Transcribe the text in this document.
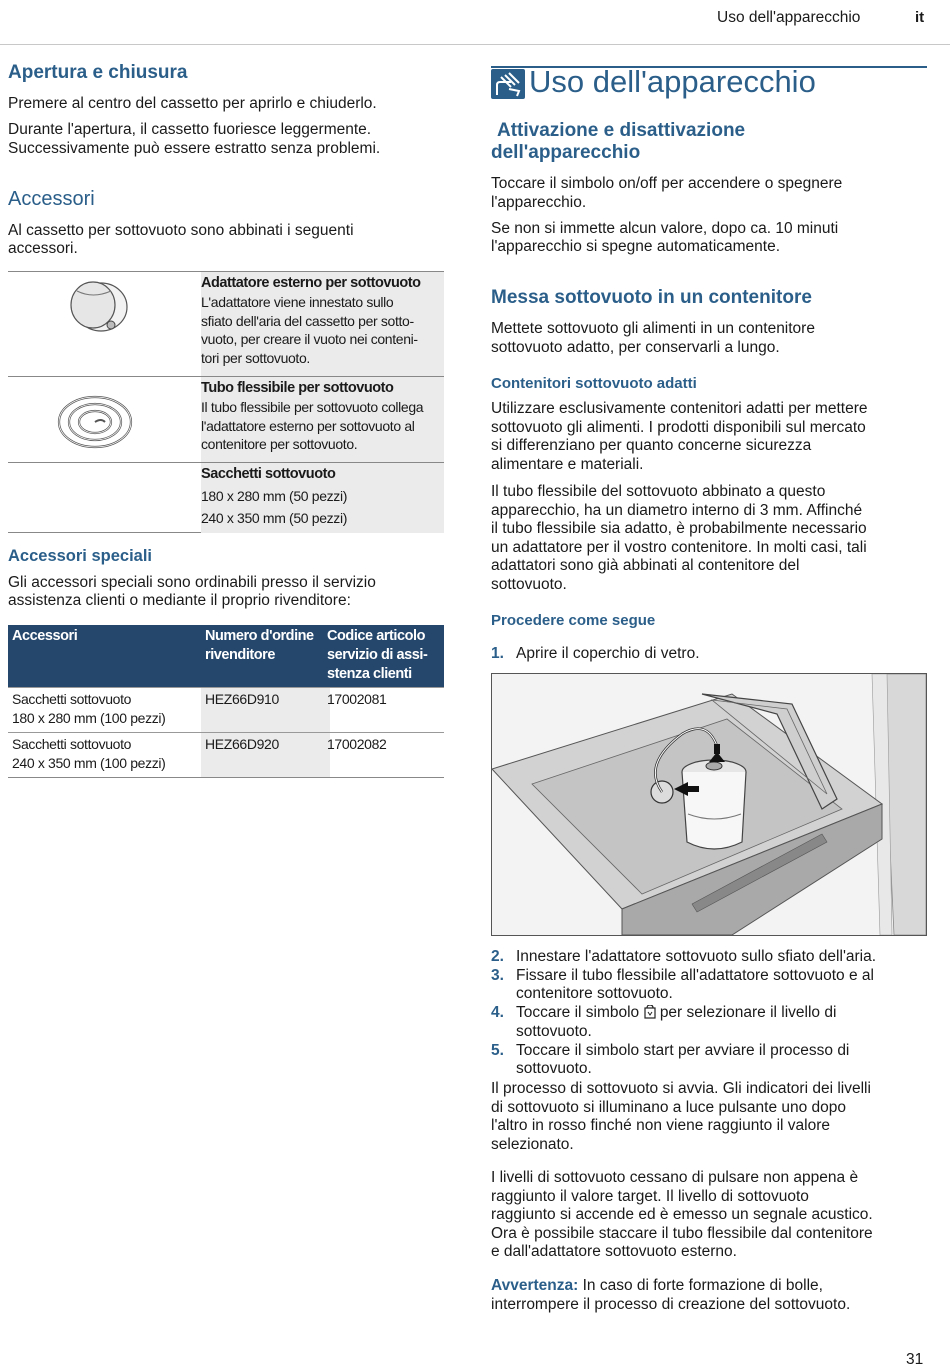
Uso dell'apparecchio	it
Apertura e chiusura

Premere al centro del cassetto per aprirlo e chiuderlo.

Durante l'apertura, il cassetto fuoriesce leggermente.

Successivamente può essere estratto senza problemi.

Accessori

Al cassetto per sottovuoto sono abbinati i seguenti

accessori.

Adattatore esterno per sottovuoto
L'adattatore viene innestato sullo
sfiato dell'aria del cassetto per sotto-
vuoto, per creare il vuoto nei conteni-
tori per sottovuoto.
Tubo flessibile per sottovuoto
Il tubo flessibile per sottovuoto collega
l'adattatore esterno per sottovuoto al
contenitore per sottovuoto.
Sacchetti sottovuoto
180 x 280 mm (50 pezzi)
240 x 350 mm (50 pezzi)
Accessori speciali

Gli accessori speciali sono ordinabili presso il servizio

assistenza clienti o mediante il proprio rivenditore:

Accessori	Numero d'ordine
rivenditore
Codice articolo
servizio di assi-
stenza clienti
Sacchetti sottovuoto
180 x 280 mm (100 pezzi)
HEZ66D910	17002081
Sacchetti sottovuoto
240 x 350 mm (100 pezzi)
HEZ66D920	17002082
Uso dell'apparecchio
Attivazione e disattivazione
dell'apparecchio

Toccare il simbolo on/off per accendere o spegnere

l'apparecchio.

Se non si immette alcun valore, dopo ca. 10 minuti

l'apparecchio si spegne automaticamente.

Messa sottovuoto in un contenitore

Mettete sottovuoto gli alimenti in un contenitore

sottovuoto adatto, per conservarli a lungo.

Contenitori sottovuoto adatti

Utilizzare esclusivamente contenitori adatti per mettere

sottovuoto gli alimenti. I prodotti disponibili sul mercato

si differenziano per quanto concerne sicurezza

alimentare e materiali.

Il tubo flessibile del sottovuoto abbinato a questo

apparecchio, ha un diametro interno di 3 mm. Affinché

il tubo flessibile sia adatto, è probabilmente necessario

un adattatore per il vostro contenitore. In molti casi, tali

adattatori sono già abbinati al contenitore del

sottovuoto.

Procedere come segue
1. Aprire il coperchio di vetro.
2. Innestare l'adattatore sottovuoto sullo sfiato dell'aria.
3. Fissare il tubo flessibile all'adattatore sottovuoto e al
contenitore sottovuoto.
4. Toccare il simbolo per selezionare il livello di
sottovuoto.
5. Toccare il simbolo start per avviare il processo di
sottovuoto.

Il processo di sottovuoto si avvia. Gli indicatori dei livelli

di sottovuoto si illuminano a luce pulsante uno dopo

l'altro in rosso finché non viene raggiunto il valore

selezionato.

I livelli di sottovuoto cessano di pulsare non appena è

raggiunto il valore target. Il livello di sottovuoto

raggiunto si accende ed è emesso un segnale acustico.

Ora è possibile staccare il tubo flessibile dal contenitore

e dall'adattatore sottovuoto esterno.

Avvertenza: In caso di forte formazione di bolle,

interrompere il processo di creazione del sottovuoto.

31
